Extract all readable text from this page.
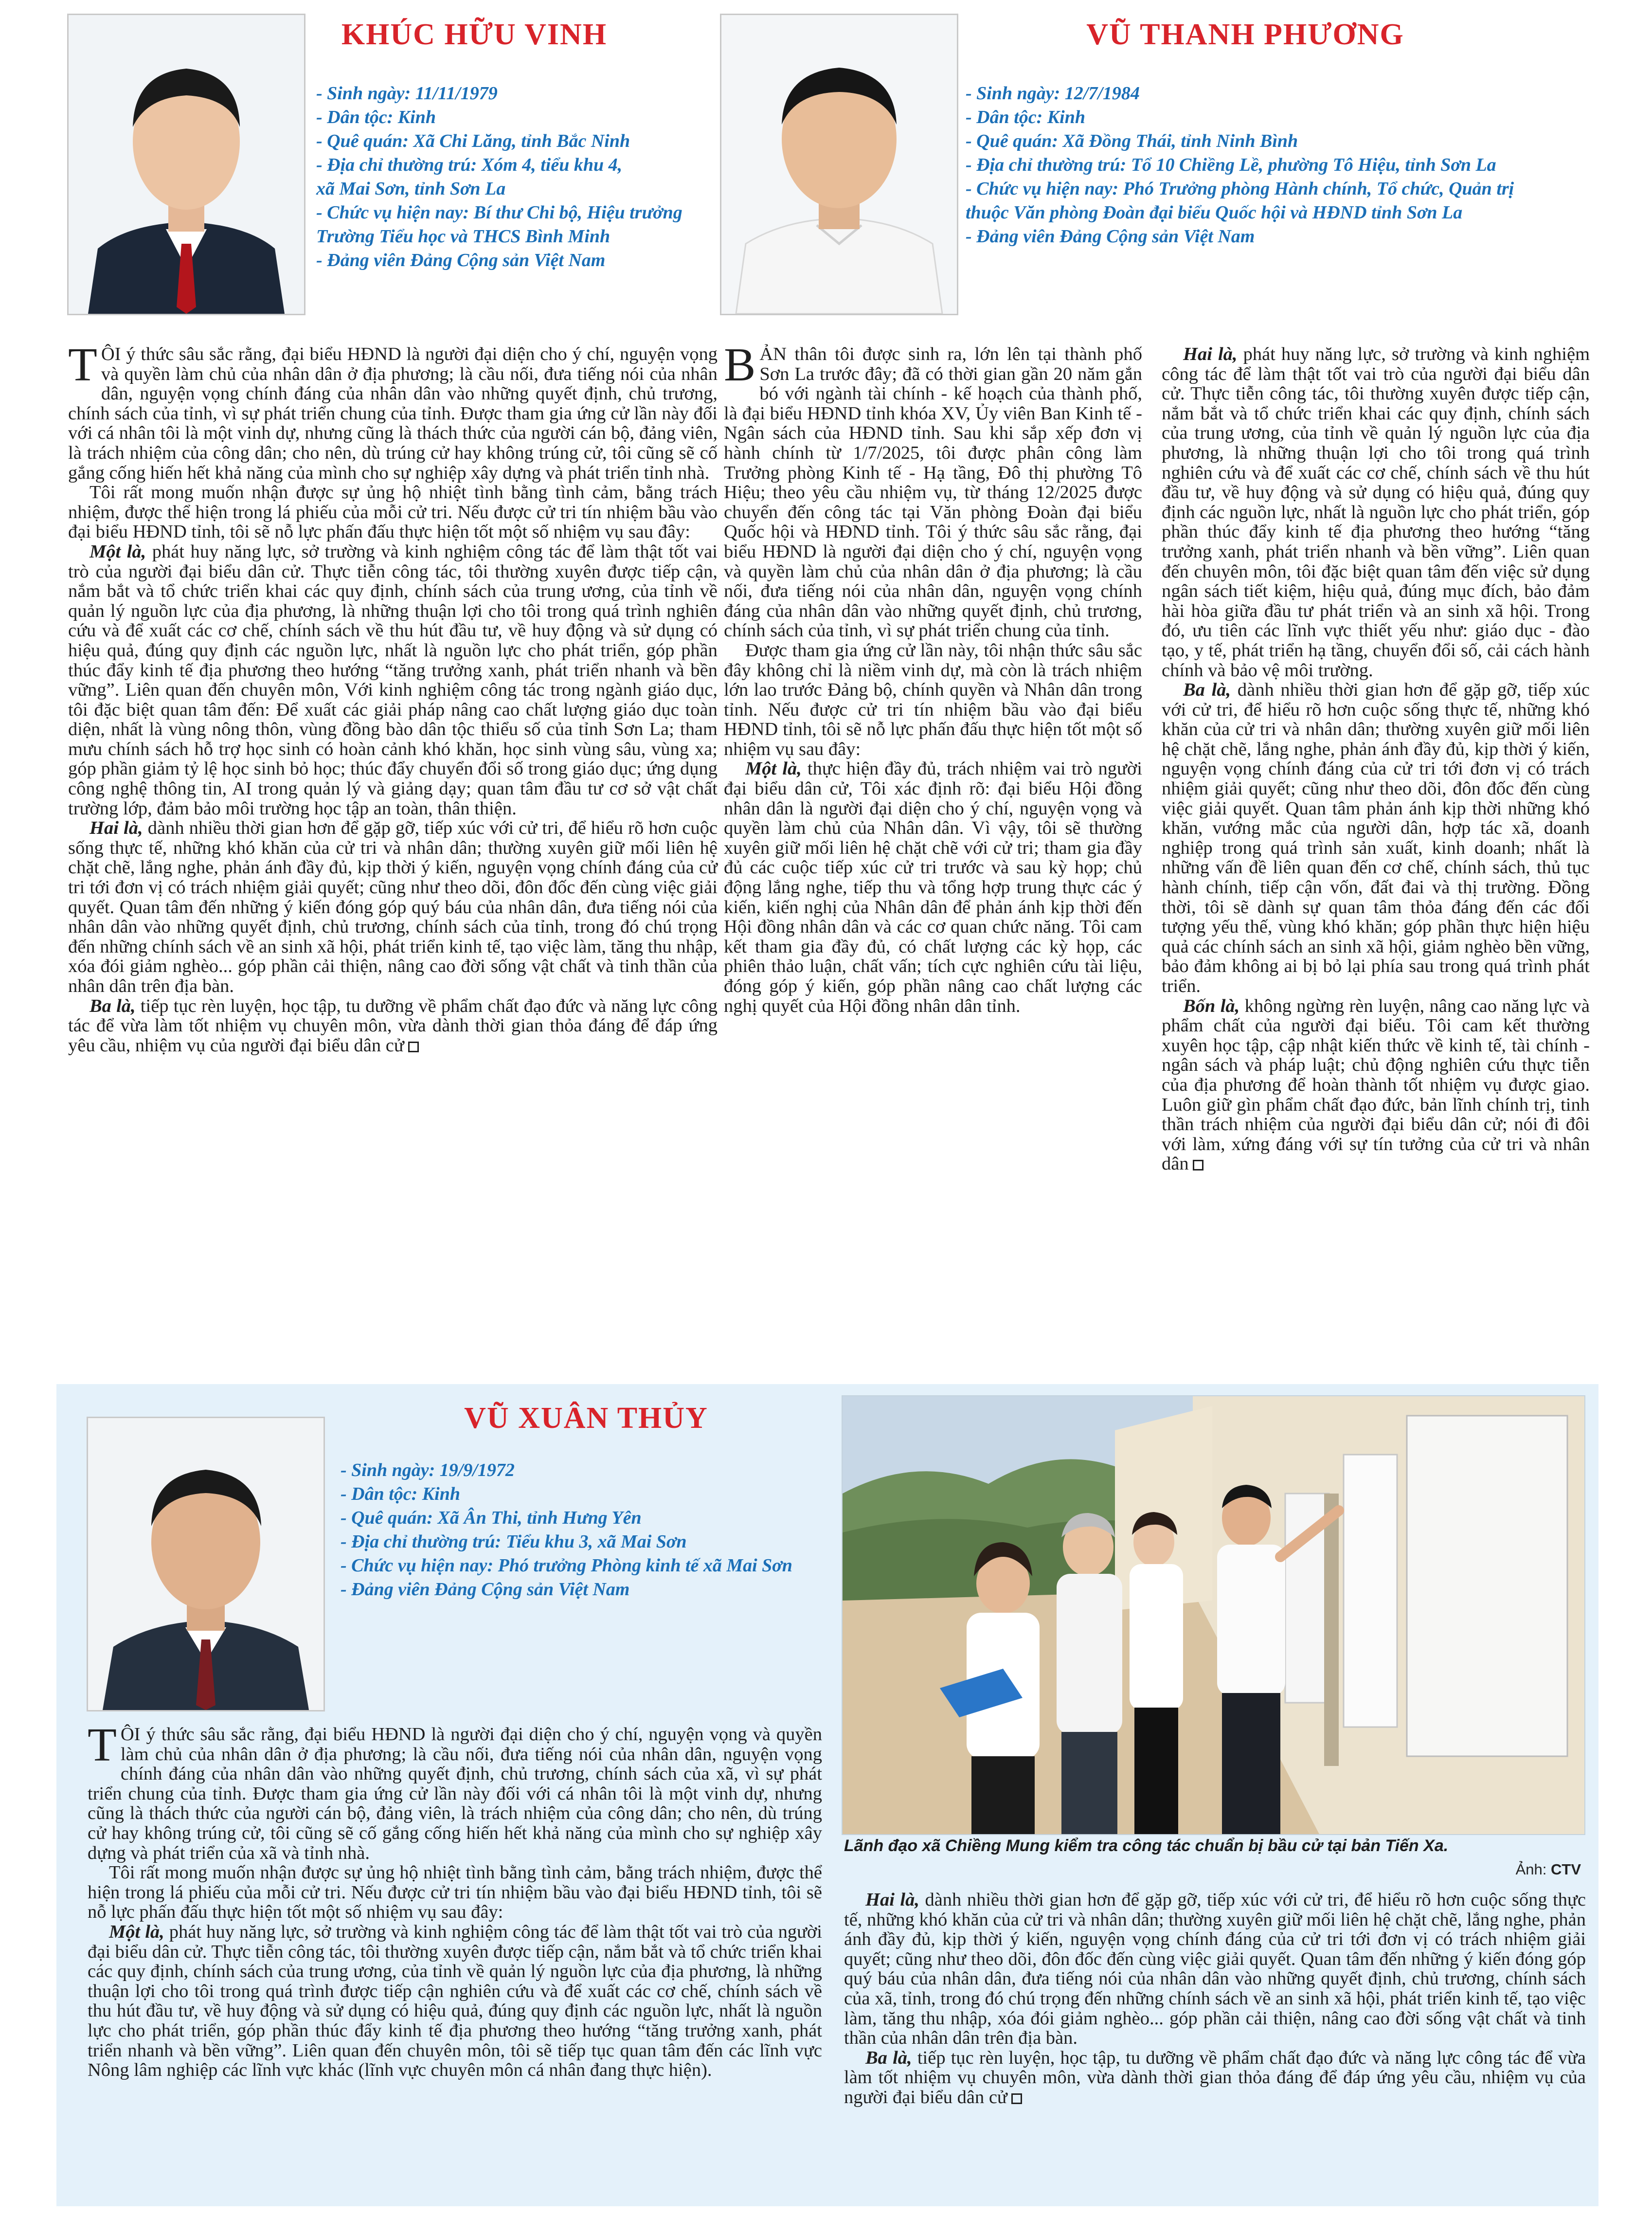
KHÚC HỮU VINH
- Sinh ngày: 11/11/1979
- Dân tộc: Kinh
- Quê quán: Xã Chi Lăng, tỉnh Bắc Ninh
- Địa chỉ thường trú: Xóm 4, tiểu khu 4,
xã Mai Sơn, tỉnh Sơn La
- Chức vụ hiện nay: Bí thư Chi bộ, Hiệu trưởng
Trường Tiểu học và THCS Bình Minh
- Đảng viên Đảng Cộng sản Việt Nam

TÔI ý thức sâu sắc rằng, đại biểu HĐND là người đại diện cho ý chí, nguyện vọng và quyền làm chủ của nhân dân ở địa phương; là cầu nối, đưa tiếng nói của nhân dân, nguyện vọng chính đáng của nhân dân vào những quyết định, chủ trương, chính sách của tỉnh, vì sự phát triển chung của tỉnh. Được tham gia ứng cử lần này đối với cá nhân tôi là một vinh dự, nhưng cũng là thách thức của người cán bộ, đảng viên, là trách nhiệm của công dân; cho nên, dù trúng cử hay không trúng cử, tôi cũng sẽ cố gắng cống hiến hết khả năng của mình cho sự nghiệp xây dựng và phát triển tỉnh nhà.

Tôi rất mong muốn nhận được sự ủng hộ nhiệt tình bằng tình cảm, bằng trách nhiệm, được thể hiện trong lá phiếu của mỗi cử tri. Nếu được cử tri tín nhiệm bầu vào đại biểu HĐND tỉnh, tôi sẽ nỗ lực phấn đấu thực hiện tốt một số nhiệm vụ sau đây:

Một là, phát huy năng lực, sở trường và kinh nghiệm công tác để làm thật tốt vai trò của người đại biểu dân cử. Thực tiễn công tác, tôi thường xuyên được tiếp cận, nắm bắt và tổ chức triển khai các quy định, chính sách của trung ương, của tỉnh về quản lý nguồn lực của địa phương, là những thuận lợi cho tôi trong quá trình nghiên cứu và để xuất các cơ chế, chính sách về thu hút đầu tư, về huy động và sử dụng có hiệu quả, đúng quy định các nguồn lực, nhất là nguồn lực cho phát triển, góp phần thúc đẩy kinh tế địa phương theo hướng “tăng trưởng xanh, phát triển nhanh và bền vững”. Liên quan đến chuyên môn, Với kinh nghiệm công tác trong ngành giáo dục, tôi đặc biệt quan tâm đến: Để xuất các giải pháp nâng cao chất lượng giáo dục toàn diện, nhất là vùng nông thôn, vùng đồng bào dân tộc thiểu số của tỉnh Sơn La; tham mưu chính sách hỗ trợ học sinh có hoàn cảnh khó khăn, học sinh vùng sâu, vùng xa; góp phần giảm tỷ lệ học sinh bỏ học; thúc đẩy chuyển đổi số trong giáo dục; ứng dụng công nghệ thông tin, AI trong quản lý và giảng dạy; quan tâm đầu tư cơ sở vật chất trường lớp, đảm bảo môi trường học tập an toàn, thân thiện.

Hai là, dành nhiều thời gian hơn để gặp gỡ, tiếp xúc với cử tri, để hiểu rõ hơn cuộc sống thực tế, những khó khăn của cử tri và nhân dân; thường xuyên giữ mối liên hệ chặt chẽ, lắng nghe, phản ánh đầy đủ, kịp thời ý kiến, nguyện vọng chính đáng của cử tri tới đơn vị có trách nhiệm giải quyết; cũng như theo dõi, đôn đốc đến cùng việc giải quyết. Quan tâm đến những ý kiến đóng góp quý báu của nhân dân, đưa tiếng nói của nhân dân vào những quyết định, chủ trương, chính sách của tỉnh, trong đó chú trọng đến những chính sách về an sinh xã hội, phát triển kinh tế, tạo việc làm, tăng thu nhập, xóa đói giảm nghèo... góp phần cải thiện, nâng cao đời sống vật chất và tinh thần của nhân dân trên địa bàn.

Ba là, tiếp tục rèn luyện, học tập, tu dưỡng về phẩm chất đạo đức và năng lực công tác để vừa làm tốt nhiệm vụ chuyên môn, vừa dành thời gian thỏa đáng để đáp ứng yêu cầu, nhiệm vụ của người đại biểu dân cử

VŨ THANH PHƯƠNG
- Sinh ngày: 12/7/1984
- Dân tộc: Kinh
- Quê quán: Xã Đồng Thái, tỉnh Ninh Bình
- Địa chỉ thường trú: Tổ 10 Chiềng Lề, phường Tô Hiệu, tỉnh Sơn La
- Chức vụ hiện nay: Phó Trưởng phòng Hành chính, Tổ chức, Quản trị
thuộc Văn phòng Đoàn đại biểu Quốc hội và HĐND tỉnh Sơn La
- Đảng viên Đảng Cộng sản Việt Nam

BẢN thân tôi được sinh ra, lớn lên tại thành phố Sơn La trước đây; đã có thời gian gần 20 năm gắn bó với ngành tài chính - kế hoạch của thành phố, là đại biểu HĐND tỉnh khóa XV, Ủy viên Ban Kinh tế - Ngân sách của HĐND tỉnh. Sau khi sắp xếp đơn vị hành chính từ 1/7/2025, tôi được phân công làm Trưởng phòng Kinh tế - Hạ tầng, Đô thị phường Tô Hiệu; theo yêu cầu nhiệm vụ, từ tháng 12/2025 được chuyển đến công tác tại Văn phòng Đoàn đại biểu Quốc hội và HĐND tỉnh. Tôi ý thức sâu sắc rằng, đại biểu HĐND là người đại diện cho ý chí, nguyện vọng và quyền làm chủ của nhân dân ở địa phương; là cầu nối, đưa tiếng nói của nhân dân, nguyện vọng chính đáng của nhân dân vào những quyết định, chủ trương, chính sách của tỉnh, vì sự phát triển chung của tỉnh.

Được tham gia ứng cử lần này, tôi nhận thức sâu sắc đây không chỉ là niềm vinh dự, mà còn là trách nhiệm lớn lao trước Đảng bộ, chính quyền và Nhân dân trong tỉnh. Nếu được cử tri tín nhiệm bầu vào đại biểu HĐND tỉnh, tôi sẽ nỗ lực phấn đấu thực hiện tốt một số nhiệm vụ sau đây:

Một là, thực hiện đầy đủ, trách nhiệm vai trò người đại biểu dân cử, Tôi xác định rõ: đại biểu Hội đồng nhân dân là người đại diện cho ý chí, nguyện vọng và quyền làm chủ của Nhân dân. Vì vậy, tôi sẽ thường xuyên giữ mối liên hệ chặt chẽ với cử tri; tham gia đầy đủ các cuộc tiếp xúc cử tri trước và sau kỳ họp; chủ động lắng nghe, tiếp thu và tổng hợp trung thực các ý kiến, kiến nghị của Nhân dân để phản ánh kịp thời đến Hội đồng nhân dân và các cơ quan chức năng. Tôi cam kết tham gia đầy đủ, có chất lượng các kỳ họp, các phiên thảo luận, chất vấn; tích cực nghiên cứu tài liệu, đóng góp ý kiến, góp phần nâng cao chất lượng các nghị quyết của Hội đồng nhân dân tỉnh.

Hai là, phát huy năng lực, sở trường và kinh nghiệm công tác để làm thật tốt vai trò của người đại biểu dân cử. Thực tiễn công tác, tôi thường xuyên được tiếp cận, nắm bắt và tổ chức triển khai các quy định, chính sách của trung ương, của tỉnh về quản lý nguồn lực của địa phương, là những thuận lợi cho tôi trong quá trình nghiên cứu và để xuất các cơ chế, chính sách về thu hút đầu tư, về huy động và sử dụng có hiệu quả, đúng quy định các nguồn lực, nhất là nguồn lực cho phát triển, góp phần thúc đẩy kinh tế địa phương theo hướng “tăng trưởng xanh, phát triển nhanh và bền vững”. Liên quan đến chuyên môn, tôi đặc biệt quan tâm đến việc sử dụng ngân sách tiết kiệm, hiệu quả, đúng mục đích, bảo đảm hài hòa giữa đầu tư phát triển và an sinh xã hội. Trong đó, ưu tiên các lĩnh vực thiết yếu như: giáo dục - đào tạo, y tế, phát triển hạ tầng, chuyển đổi số, cải cách hành chính và bảo vệ môi trường.

Ba là, dành nhiều thời gian hơn để gặp gỡ, tiếp xúc với cử tri, để hiểu rõ hơn cuộc sống thực tế, những khó khăn của cử tri và nhân dân; thường xuyên giữ mối liên hệ chặt chẽ, lắng nghe, phản ánh đầy đủ, kịp thời ý kiến, nguyện vọng chính đáng của cử tri tới đơn vị có trách nhiệm giải quyết; cũng như theo dõi, đôn đốc đến cùng việc giải quyết. Quan tâm phản ánh kịp thời những khó khăn, vướng mắc của người dân, hợp tác xã, doanh nghiệp trong quá trình sản xuất, kinh doanh; nhất là những vấn đề liên quan đến cơ chế, chính sách, thủ tục hành chính, tiếp cận vốn, đất đai và thị trường. Đồng thời, tôi sẽ dành sự quan tâm thỏa đáng đến các đối tượng yếu thế, vùng khó khăn; góp phần thực hiện hiệu quả các chính sách an sinh xã hội, giảm nghèo bền vững, bảo đảm không ai bị bỏ lại phía sau trong quá trình phát triển.

Bốn là, không ngừng rèn luyện, nâng cao năng lực và phẩm chất của người đại biểu. Tôi cam kết thường xuyên học tập, cập nhật kiến thức về kinh tế, tài chính - ngân sách và pháp luật; chủ động nghiên cứu thực tiễn của địa phương để hoàn thành tốt nhiệm vụ được giao. Luôn giữ gìn phẩm chất đạo đức, bản lĩnh chính trị, tinh thần trách nhiệm của người đại biểu dân cử; nói đi đôi với làm, xứng đáng với sự tín tưởng của cử tri và nhân dân

VŨ XUÂN THỦY
- Sinh ngày: 19/9/1972
- Dân tộc: Kinh
- Quê quán: Xã Ân Thi, tỉnh Hưng Yên
- Địa chỉ thường trú: Tiểu khu 3, xã Mai Sơn
- Chức vụ hiện nay: Phó trưởng Phòng kinh tế xã Mai Sơn
- Đảng viên Đảng Cộng sản Việt Nam

TÔI ý thức sâu sắc rằng, đại biểu HĐND là người đại diện cho ý chí, nguyện vọng và quyền làm chủ của nhân dân ở địa phương; là cầu nối, đưa tiếng nói của nhân dân, nguyện vọng chính đáng của nhân dân vào những quyết định, chủ trương, chính sách của xã, vì sự phát triển chung của tỉnh. Được tham gia ứng cử lần này đối với cá nhân tôi là một vinh dự, nhưng cũng là thách thức của người cán bộ, đảng viên, là trách nhiệm của công dân; cho nên, dù trúng cử hay không trúng cử, tôi cũng sẽ cố gắng cống hiến hết khả năng của mình cho sự nghiệp xây dựng và phát triển của xã và tỉnh nhà.

Tôi rất mong muốn nhận được sự ủng hộ nhiệt tình bằng tình cảm, bằng trách nhiệm, được thể hiện trong lá phiếu của mỗi cử tri. Nếu được cử tri tín nhiệm bầu vào đại biểu HĐND tỉnh, tôi sẽ nỗ lực phấn đấu thực hiện tốt một số nhiệm vụ sau đây:

Một là, phát huy năng lực, sở trường và kinh nghiệm công tác để làm thật tốt vai trò của người đại biểu dân cử. Thực tiễn công tác, tôi thường xuyên được tiếp cận, nắm bắt và tổ chức triển khai các quy định, chính sách của trung ương, của tỉnh về quản lý nguồn lực của địa phương, là những thuận lợi cho tôi trong quá trình được tiếp cận nghiên cứu và để xuất các cơ chế, chính sách về thu hút đầu tư, về huy động và sử dụng có hiệu quả, đúng quy định các nguồn lực, nhất là nguồn lực cho phát triển, góp phần thúc đẩy kinh tế địa phương theo hướng “tăng trưởng xanh, phát triển nhanh và bền vững”. Liên quan đến chuyên môn, tôi sẽ tiếp tục quan tâm đến các lĩnh vực Nông lâm nghiệp các lĩnh vực khác (lĩnh vực chuyên môn cá nhân đang thực hiện).

Lãnh đạo xã Chiềng Mung kiểm tra công tác chuẩn bị bầu cử tại bản Tiến Xa.
Ảnh: CTV

Hai là, dành nhiều thời gian hơn để gặp gỡ, tiếp xúc với cử tri, để hiểu rõ hơn cuộc sống thực tế, những khó khăn của cử tri và nhân dân; thường xuyên giữ mối liên hệ chặt chẽ, lắng nghe, phản ánh đầy đủ, kịp thời ý kiến, nguyện vọng chính đáng của cử tri tới đơn vị có trách nhiệm giải quyết; cũng như theo dõi, đôn đốc đến cùng việc giải quyết. Quan tâm đến những ý kiến đóng góp quý báu của nhân dân, đưa tiếng nói của nhân dân vào những quyết định, chủ trương, chính sách của xã, tỉnh, trong đó chú trọng đến những chính sách về an sinh xã hội, phát triển kinh tế, tạo việc làm, tăng thu nhập, xóa đói giảm nghèo... góp phần cải thiện, nâng cao đời sống vật chất và tinh thần của nhân dân trên địa bàn.

Ba là, tiếp tục rèn luyện, học tập, tu dưỡng về phẩm chất đạo đức và năng lực công tác để vừa làm tốt nhiệm vụ chuyên môn, vừa dành thời gian thỏa đáng để đáp ứng yêu cầu, nhiệm vụ của người đại biểu dân cử
